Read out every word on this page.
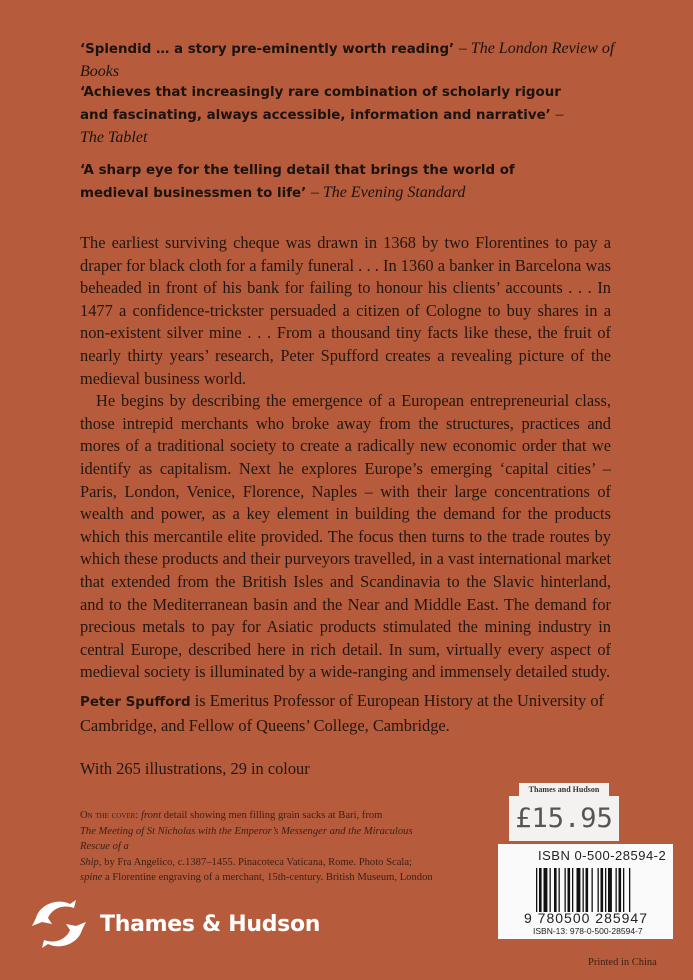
‘Splendid … a story pre-eminently worth reading’ – The London Review of Books
‘Achieves that increasingly rare combination of scholarly rigour and fascinating, always accessible, information and narrative’ – The Tablet
‘A sharp eye for the telling detail that brings the world of medieval businessmen to life’ – The Evening Standard

The earliest surviving cheque was drawn in 1368 by two Florentines to pay a draper for black cloth for a family funeral . . . In 1360 a banker in Barcelona was beheaded in front of his bank for failing to honour his clients’ accounts . . . In 1477 a confidence-trickster persuaded a citizen of Cologne to buy shares in a non-existent silver mine . . . From a thousand tiny facts like these, the fruit of nearly thirty years’ research, Peter Spufford creates a revealing picture of the medieval business world.

He begins by describing the emergence of a European entrepreneurial class, those intrepid merchants who broke away from the structures, practices and mores of a traditional society to create a radically new economic order that we identify as capitalism. Next he explores Europe’s emerging ‘capital cities’ – Paris, London, Venice, Florence, Naples – with their large concentrations of wealth and power, as a key element in building the demand for the products which this mercantile elite provided. The focus then turns to the trade routes by which these products and their purveyors travelled, in a vast international market that extended from the British Isles and Scandinavia to the Slavic hinterland, and to the Mediterranean basin and the Near and Middle East. The demand for precious metals to pay for Asiatic products stimulated the mining industry in central Europe, described here in rich detail. In sum, virtually every aspect of medieval society is illuminated by a wide-ranging and immensely detailed study.

Peter Spufford is Emeritus Professor of European History at the University of Cambridge, and Fellow of Queens’ College, Cambridge.
With 265 illustrations, 29 in colour
On the cover: front detail showing men filling grain sacks at Bari, from
The Meeting of St Nicholas with the Emperor’s Messenger and the Miraculous Rescue of a Ship, by Fra Angelico, c.1387–1455. Pinacoteca Vaticana, Rome. Photo Scala;
spine a Florentine engraving of a merchant, 15th-century. British Museum, London
Thames & Hudson
Thames and Hudson
£15.95
ISBN 0-500-28594-2
9 780500 285947
ISBN-13: 978-0-500-28594-7
Printed in China
